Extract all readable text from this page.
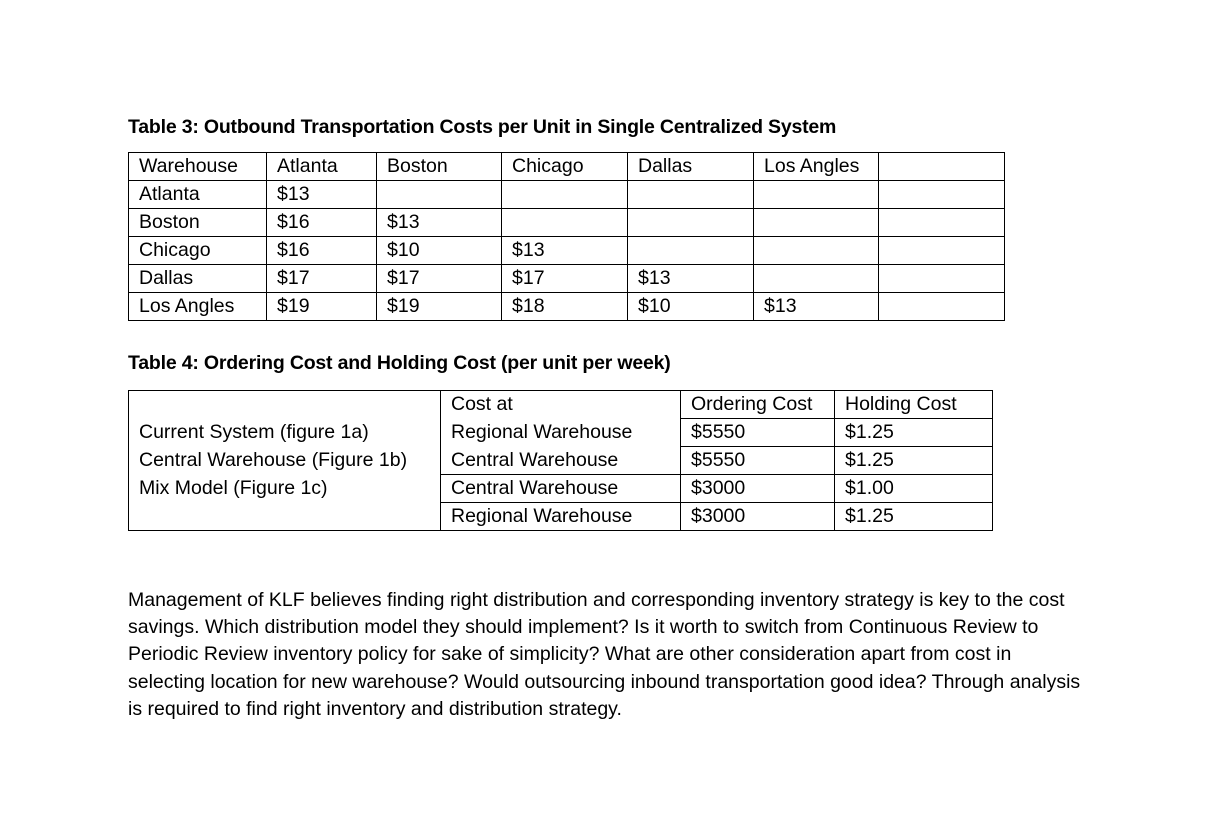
Table 3: Outbound Transportation Costs per Unit in Single Centralized System
Warehouse	Atlanta	Boston	Chicago	Dallas	Los Angles	
Atlanta	$13					
Boston	$16	$13				
Chicago	$16	$10	$13			
Dallas	$17	$17	$17	$13		
Los Angles	$19	$19	$18	$10	$13	
Table 4: Ordering Cost and Holding Cost (per unit per week)
	Cost at	Ordering Cost	Holding Cost
Current System (figure 1a)	Regional Warehouse	$5550	$1.25
Central Warehouse (Figure 1b)	Central Warehouse	$5550	$1.25
Mix Model (Figure 1c)	Central Warehouse	$3000	$1.00
	Regional Warehouse	$3000	$1.25
Management of KLF believes finding right distribution and corresponding inventory strategy is key to the cost savings. Which distribution model they should implement? Is it worth to switch from Continuous Review to Periodic Review inventory policy for sake of simplicity? What are other consideration apart from cost in selecting location for new warehouse? Would outsourcing inbound transportation good idea? Through analysis is required to find right inventory and distribution strategy.
